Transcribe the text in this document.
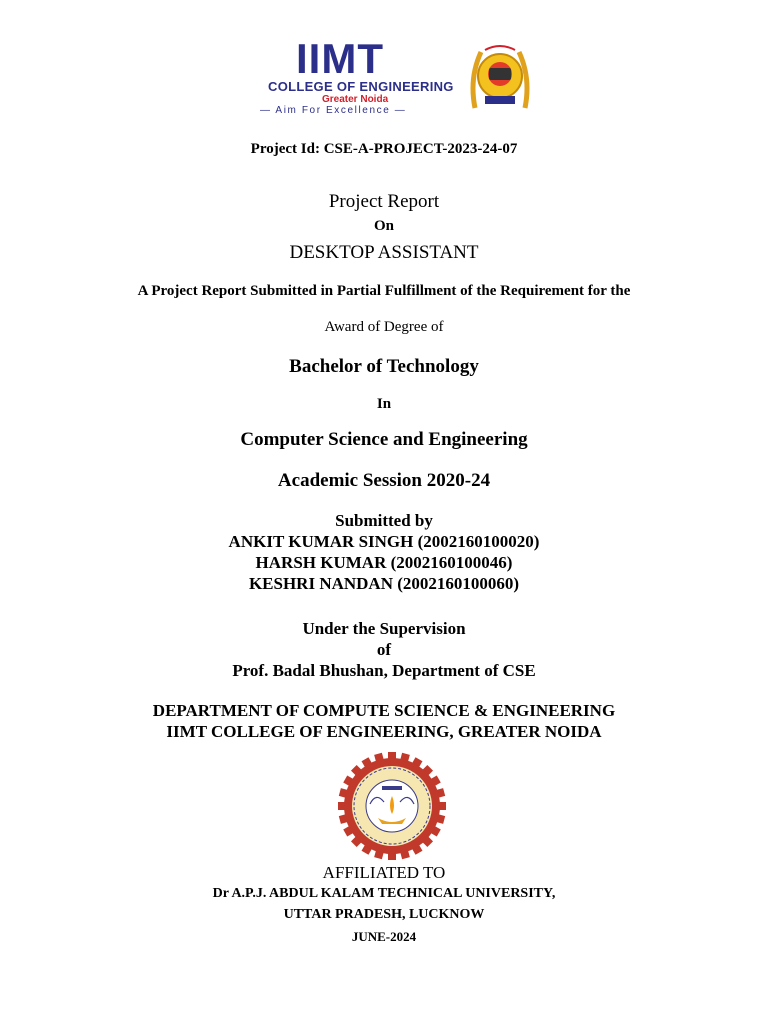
IIMT
COLLEGE OF ENGINEERING
Greater Noida
— Aim For Excellence —
Project Id: CSE-A-PROJECT-2023-24-07
Project Report
On
DESKTOP ASSISTANT
A Project Report Submitted in Partial Fulfillment of the Requirement for the
Award of Degree of
Bachelor of Technology
In
Computer Science and Engineering
Academic Session 2020-24
Submitted by
ANKIT KUMAR SINGH (2002160100020)
HARSH KUMAR (2002160100046)
KESHRI NANDAN (2002160100060)
Under the Supervision
of
Prof. Badal Bhushan, Department of CSE
DEPARTMENT OF COMPUTE SCIENCE & ENGINEERING
IIMT COLLEGE OF ENGINEERING, GREATER NOIDA
AFFILIATED TO
Dr A.P.J. ABDUL KALAM TECHNICAL UNIVERSITY,
UTTAR PRADESH, LUCKNOW
JUNE-2024
